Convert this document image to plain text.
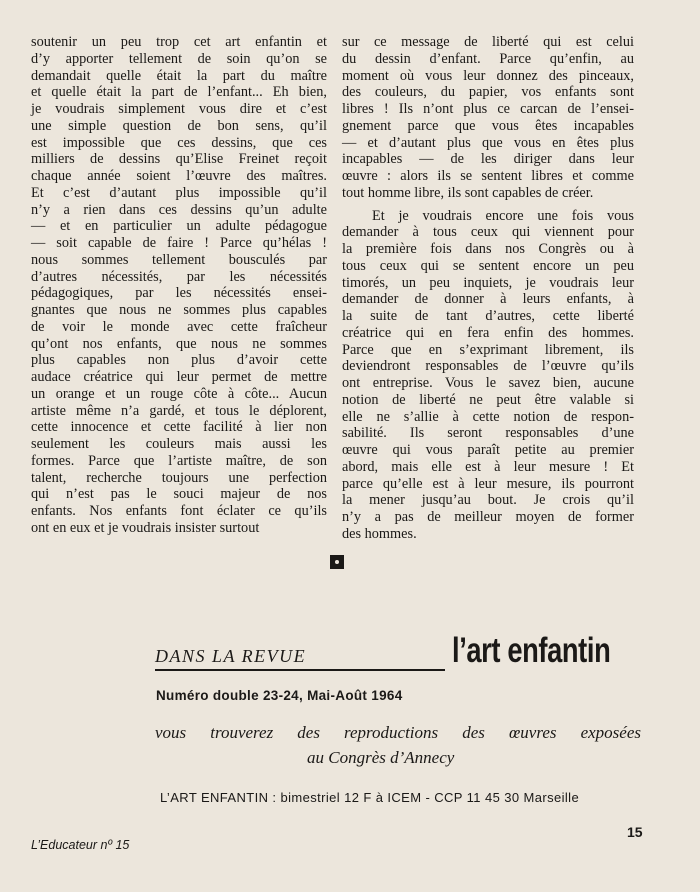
soutenir un peu trop cet art enfantin et
d’y apporter tellement de soin qu’on se
demandait quelle était la part du maître
et quelle était la part de l’enfant... Eh bien,
je voudrais simplement vous dire et c’est
une simple question de bon sens, qu’il
est impossible que ces dessins, que ces
milliers de dessins qu’Elise Freinet reçoit
chaque année soient l’œuvre des maîtres.
Et c’est d’autant plus impossible qu’il
n’y a rien dans ces dessins qu’un adulte
— et en particulier un adulte pédagogue
— soit capable de faire ! Parce qu’hélas !
nous sommes tellement bousculés par
d’autres nécessités, par les nécessités
pédagogiques, par les nécessités ensei-
gnantes que nous ne sommes plus capables
de voir le monde avec cette fraîcheur
qu’ont nos enfants, que nous ne sommes
plus capables non plus d’avoir cette
audace créatrice qui leur permet de mettre
un orange et un rouge côte à côte... Aucun
artiste même n’a gardé, et tous le déplorent,
cette innocence et cette facilité à lier non
seulement les couleurs mais aussi les
formes. Parce que l’artiste maître, de son
talent, recherche toujours une perfection
qui n’est pas le souci majeur de nos
enfants. Nos enfants font éclater ce qu’ils
ont en eux et je voudrais insister surtout
sur ce message de liberté qui est celui
du dessin d’enfant. Parce qu’enfin, au
moment où vous leur donnez des pinceaux,
des couleurs, du papier, vos enfants sont
libres ! Ils n’ont plus ce carcan de l’ensei-
gnement parce que vous êtes incapables
— et d’autant plus que vous en êtes plus
incapables — de les diriger dans leur
œuvre : alors ils se sentent libres et comme
tout homme libre, ils sont capables de créer.
Et je voudrais encore une fois vous
demander à tous ceux qui viennent pour
la première fois dans nos Congrès ou à
tous ceux qui se sentent encore un peu
timorés, un peu inquiets, je voudrais leur
demander de donner à leurs enfants, à
la suite de tant d’autres, cette liberté
créatrice qui en fera enfin des hommes.
Parce que en s’exprimant librement, ils
deviendront responsables de l’œuvre qu’ils
ont entreprise. Vous le savez bien, aucune
notion de liberté ne peut être valable si
elle ne s’allie à cette notion de respon-
sabilité. Ils seront responsables d’une
œuvre qui vous paraît petite au premier
abord, mais elle est à leur mesure ! Et
parce qu’elle est à leur mesure, ils pourront
la mener jusqu’au bout. Je crois qu’il
n’y a pas de meilleur moyen de former
des hommes.
DANS LA REVUE	l’art enfantin
Numéro double 23-24, Mai-Août 1964
vous trouverez des reproductions des œuvres exposées
au Congrès d’Annecy
L’ART ENFANTIN : bimestriel 12 F à ICEM - CCP 11 45 30 Marseille
L’Educateur nº 15
15
